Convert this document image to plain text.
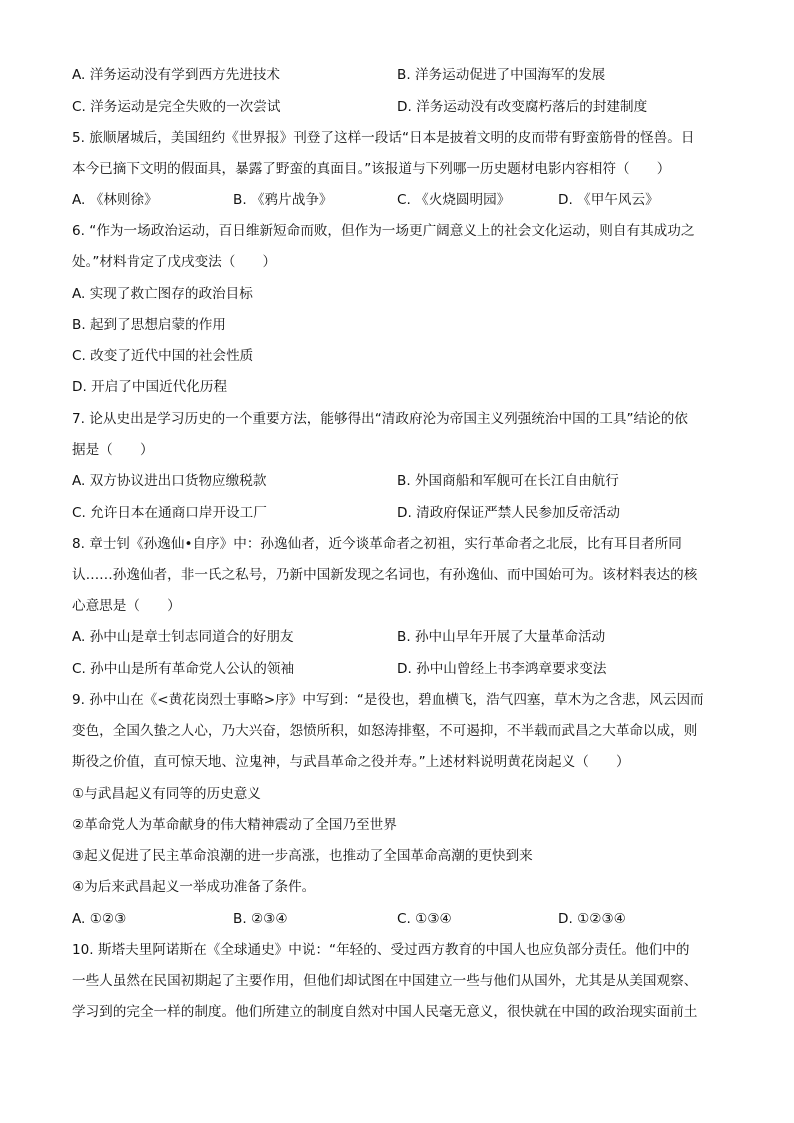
A. 洋务运动没有学到西方先进技术	B. 洋务运动促进了中国海军的发展
C. 洋务运动是完全失败的一次尝试	D. 洋务运动没有改变腐朽落后的封建制度
5. 旅顺屠城后，美国纽约《世界报》刊登了这样一段话“日本是披着文明的皮而带有野蛮筋骨的怪兽。日
本今已摘下文明的假面具，暴露了野蛮的真面目。”该报道与下列哪一历史题材电影内容相符（　　）
A. 《林则徐》	B. 《鸦片战争》	C. 《火烧圆明园》	D. 《甲午风云》
6. “作为一场政治运动，百日维新短命而败，但作为一场更广阔意义上的社会文化运动，则自有其成功之
处。”材料肯定了戊戌变法（　　）
A. 实现了救亡图存的政治目标
B. 起到了思想启蒙的作用
C. 改变了近代中国的社会性质
D. 开启了中国近代化历程
7. 论从史出是学习历史的一个重要方法，能够得出“清政府沦为帝国主义列强统治中国的工具”结论的依
据是（　　）
A. 双方协议进出口货物应缴税款	B. 外国商船和军舰可在长江自由航行
C. 允许日本在通商口岸开设工厂	D. 清政府保证严禁人民参加反帝活动
8. 章士钊《孙逸仙•自序》中：孙逸仙者，近今谈革命者之初祖，实行革命者之北辰，比有耳目者所同
认……孙逸仙者，非一氏之私号，乃新中国新发现之名词也，有孙逸仙、而中国始可为。该材料表达的核
心意思是（　　）
A. 孙中山是章士钊志同道合的好朋友	B. 孙中山早年开展了大量革命活动
C. 孙中山是所有革命党人公认的领袖	D. 孙中山曾经上书李鸿章要求变法
9. 孙中山在《<黄花岗烈士事略>序》中写到：“是役也，碧血横飞，浩气四塞，草木为之含悲，风云因而
变色，全国久蛰之人心，乃大兴奋，怨愤所积，如怒涛排壑，不可遏抑，不半载而武昌之大革命以成，则
斯役之价值，直可惊天地、泣鬼神，与武昌革命之役并寿。”上述材料说明黄花岗起义（　　）
①与武昌起义有同等的历史意义
②革命党人为革命献身的伟大精神震动了全国乃至世界
③起义促进了民主革命浪潮的进一步高涨，也推动了全国革命高潮的更快到来
④为后来武昌起义一举成功准备了条件。
A. ①②③	B. ②③④	C. ①③④	D. ①②③④
10. 斯塔夫里阿诺斯在《全球通史》中说：“年轻的、受过西方教育的中国人也应负部分责任。他们中的
一些人虽然在民国初期起了主要作用，但他们却试图在中国建立一些与他们从国外，尤其是从美国观察、
学习到的完全一样的制度。他们所建立的制度自然对中国人民毫无意义，很快就在中国的政治现实面前土
